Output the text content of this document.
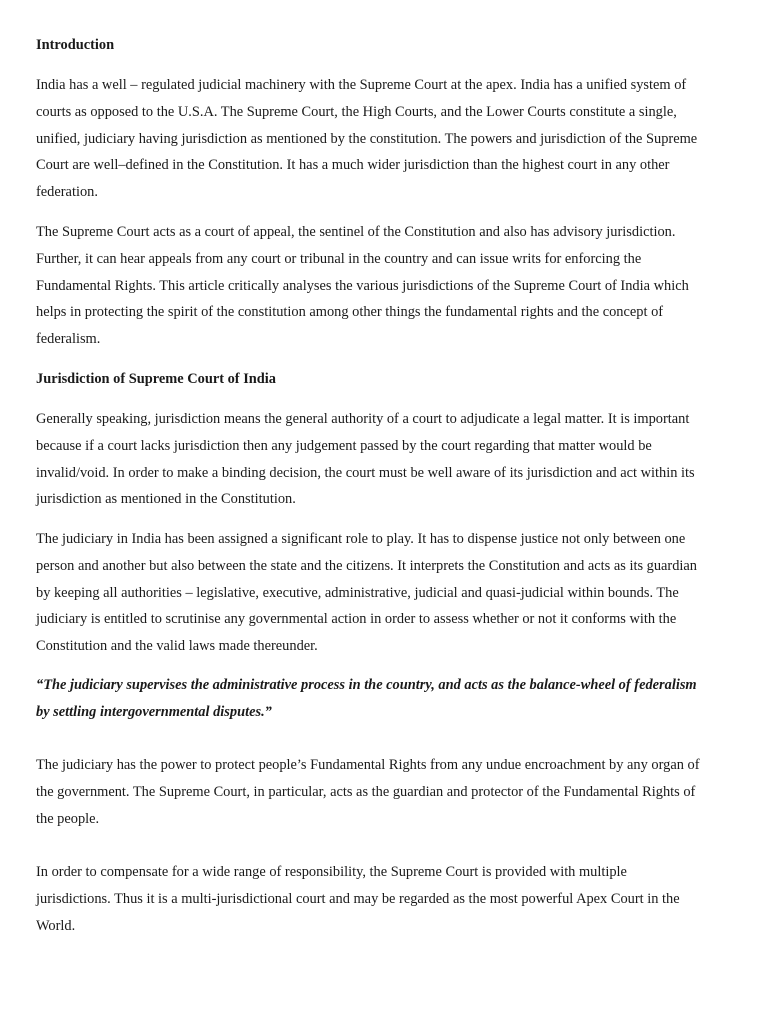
Introduction
India has a well – regulated judicial machinery with the Supreme Court at the apex. India has a unified system of
courts as opposed to the U.S.A. The Supreme Court, the High Courts, and the Lower Courts constitute a single,
unified, judiciary having jurisdiction as mentioned by the constitution. The powers and jurisdiction of the Supreme
Court are well–defined in the Constitution. It has a much wider jurisdiction than the highest court in any other
federation.
The Supreme Court acts as a court of appeal, the sentinel of the Constitution and also has advisory jurisdiction.
Further, it can hear appeals from any court or tribunal in the country and can issue writs for enforcing the
Fundamental Rights. This article critically analyses the various jurisdictions of the Supreme Court of India which
helps in protecting the spirit of the constitution among other things the fundamental rights and the concept of
federalism.
Jurisdiction of Supreme Court of India
Generally speaking, jurisdiction means the general authority of a court to adjudicate a legal matter. It is important
because if a court lacks jurisdiction then any judgement passed by the court regarding that matter would be
invalid/void. In order to make a binding decision, the court must be well aware of its jurisdiction and act within its
jurisdiction as mentioned in the Constitution.
The judiciary in India has been assigned a significant role to play. It has to dispense justice not only between one
person and another but also between the state and the citizens. It interprets the Constitution and acts as its guardian
by keeping all authorities – legislative, executive, administrative, judicial and quasi-judicial within bounds. The
judiciary is entitled to scrutinise any governmental action in order to assess whether or not it conforms with the
Constitution and the valid laws made thereunder.
“The judiciary supervises the administrative process in the country, and acts as the balance-wheel of federalism
by settling intergovernmental disputes.”
The judiciary has the power to protect people’s Fundamental Rights from any undue encroachment by any organ of
the government. The Supreme Court, in particular, acts as the guardian and protector of the Fundamental Rights of
the people.
In order to compensate for a wide range of responsibility, the Supreme Court is provided with multiple
jurisdictions. Thus it is a multi-jurisdictional court and may be regarded as the most powerful Apex Court in the
World.
